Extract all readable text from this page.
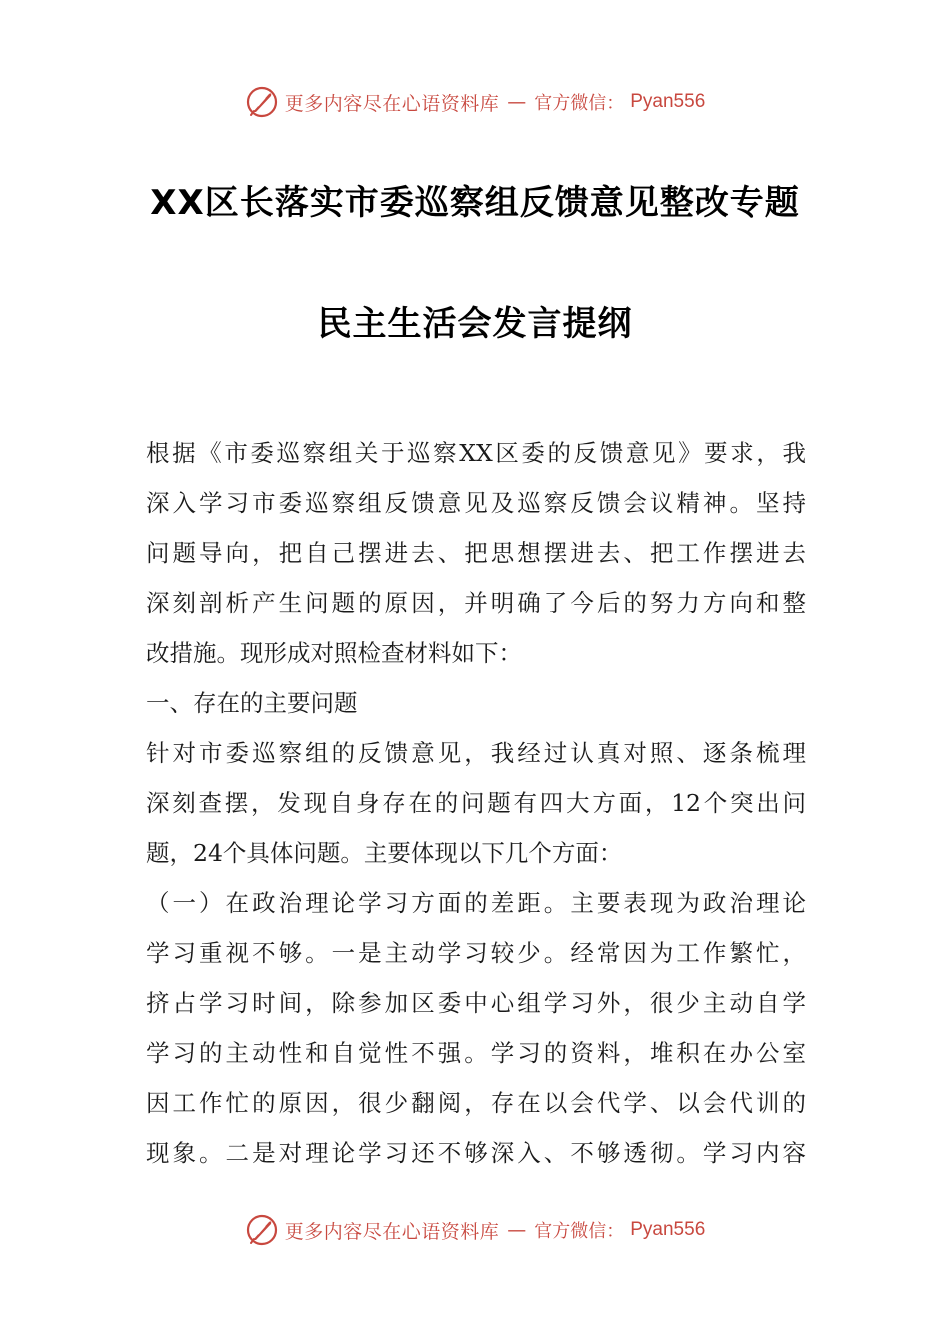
更多内容尽在心语资料库 — 官方微信： Pyan556
XX区长落实市委巡察组反馈意见整改专题
民主生活会发言提纲
根据《市委巡察组关于巡察XX区委的反馈意见》要求，我
深入学习市委巡察组反馈意见及巡察反馈会议精神。坚持
问题导向，把自己摆进去、把思想摆进去、把工作摆进去
深刻剖析产生问题的原因，并明确了今后的努力方向和整
改措施。现形成对照检查材料如下：
一、存在的主要问题
针对市委巡察组的反馈意见，我经过认真对照、逐条梳理
深刻查摆，发现自身存在的问题有四大方面，12个突出问
题，24个具体问题。主要体现以下几个方面：
（一）在政治理论学习方面的差距。主要表现为政治理论
学习重视不够。一是主动学习较少。经常因为工作繁忙，
挤占学习时间，除参加区委中心组学习外，很少主动自学
学习的主动性和自觉性不强。学习的资料，堆积在办公室
因工作忙的原因，很少翻阅，存在以会代学、以会代训的
现象。二是对理论学习还不够深入、不够透彻。学习内容
更多内容尽在心语资料库 — 官方微信： Pyan556
